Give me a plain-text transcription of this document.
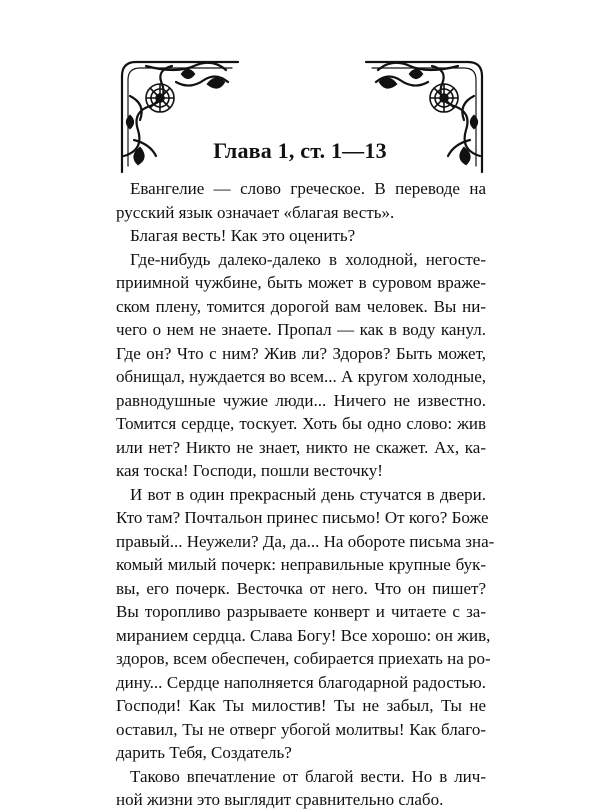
Глава 1, ст. 1—13
Евангелие — слово греческое. В переводе на
русский язык означает «благая весть».
Благая весть! Как это оценить?
Где-нибудь далеко-далеко в холодной, негосте-
приимной чужбине, быть может в суровом враже-
ском плену, томится дорогой вам человек. Вы ни-
чего о нем не знаете. Пропал — как в воду канул.
Где он? Что с ним? Жив ли? Здоров? Быть может,
обнищал, нуждается во всем... А кругом холодные,
равнодушные чужие люди... Ничего не известно.
Томится сердце, тоскует. Хоть бы одно слово: жив
или нет? Никто не знает, никто не скажет. Ах, ка-
кая тоска! Господи, пошли весточку!
И вот в один прекрасный день стучатся в двери.
Кто там? Почтальон принес письмо! От кого? Боже
правый... Неужели? Да, да... На обороте письма зна-
комый милый почерк: неправильные крупные бук-
вы, его почерк. Весточка от него. Что он пишет?
Вы торопливо разрываете конверт и читаете с за-
миранием сердца. Слава Богу! Все хорошо: он жив,
здоров, всем обеспечен, собирается приехать на ро-
дину... Сердце наполняется благодарной радостью.
Господи! Как Ты милостив! Ты не забыл, Ты не
оставил, Ты не отверг убогой молитвы! Как благо-
дарить Тебя, Создатель?
Таково впечатление от благой вести. Но в лич-
ной жизни это выглядит сравнительно слабо.
